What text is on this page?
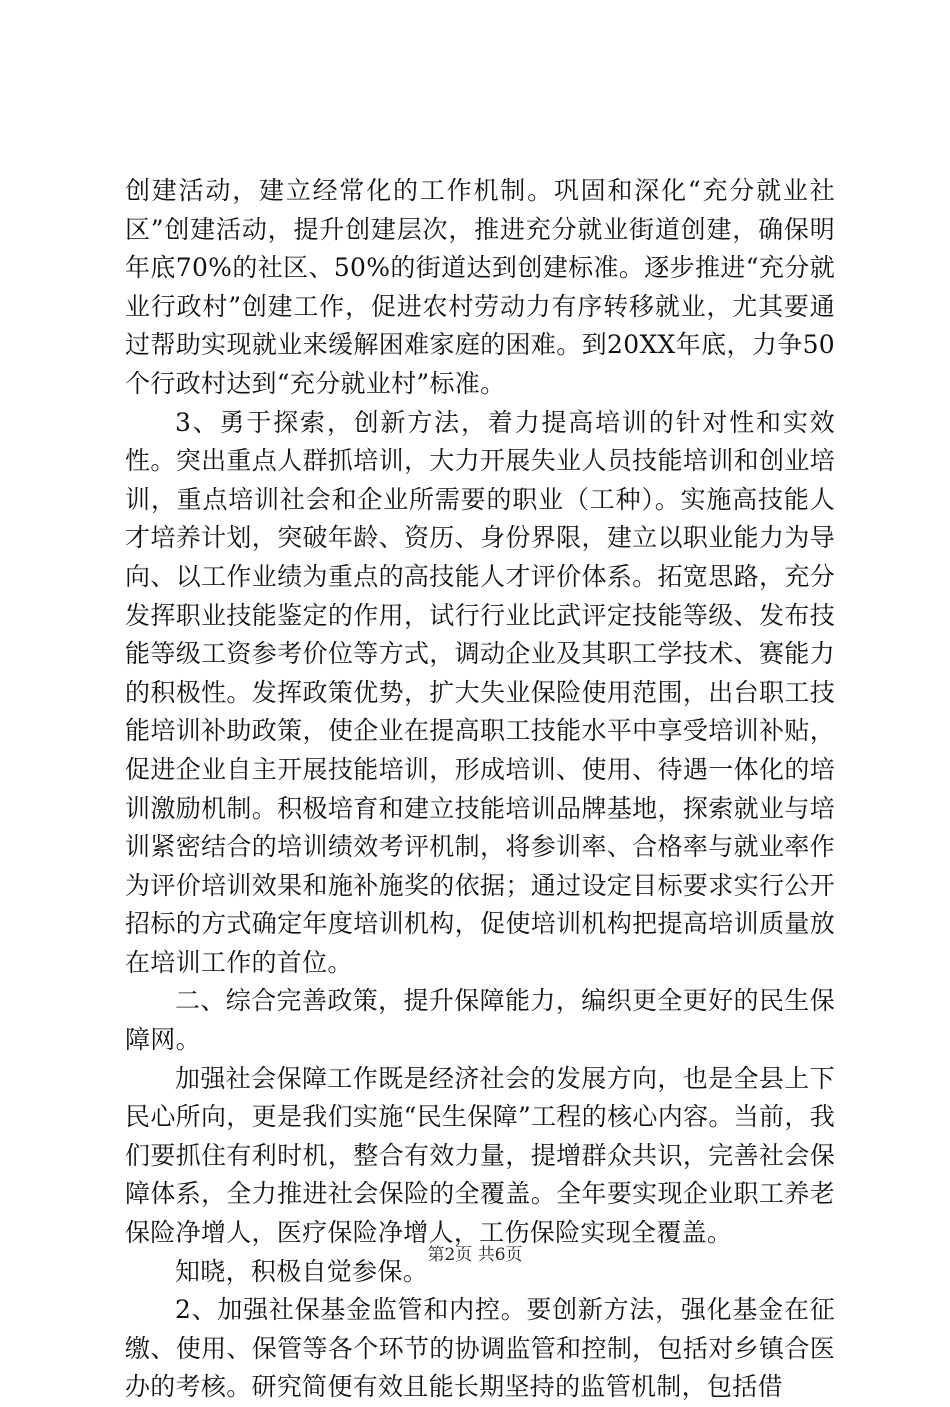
创建活动，建立经常化的工作机制。巩固和深化“充分就业社区”创建活动，提升创建层次，推进充分就业街道创建，确保明年底70%的社区、50%的街道达到创建标准。逐步推进“充分就业行政村”创建工作，促进农村劳动力有序转移就业，尤其要通过帮助实现就业来缓解困难家庭的困难。到20XX年底，力争50个行政村达到“充分就业村”标准。

3、勇于探索，创新方法，着力提高培训的针对性和实效性。突出重点人群抓培训，大力开展失业人员技能培训和创业培训，重点培训社会和企业所需要的职业（工种）。实施高技能人才培养计划，突破年龄、资历、身份界限，建立以职业能力为导向、以工作业绩为重点的高技能人才评价体系。拓宽思路，充分发挥职业技能鉴定的作用，试行行业比武评定技能等级、发布技能等级工资参考价位等方式，调动企业及其职工学技术、赛能力的积极性。发挥政策优势，扩大失业保险使用范围，出台职工技能培训补助政策，使企业在提高职工技能水平中享受培训补贴，促进企业自主开展技能培训，形成培训、使用、待遇一体化的培训激励机制。积极培育和建立技能培训品牌基地，探索就业与培训紧密结合的培训绩效考评机制，将参训率、合格率与就业率作为评价培训效果和施补施奖的依据；通过设定目标要求实行公开招标的方式确定年度培训机构，促使培训机构把提高培训质量放在培训工作的首位。

二、综合完善政策，提升保障能力，编织更全更好的民生保障网。

加强社会保障工作既是经济社会的发展方向，也是全县上下民心所向，更是我们实施“民生保障”工程的核心内容。当前，我们要抓住有利时机，整合有效力量，提增群众共识，完善社会保障体系，全力推进社会保险的全覆盖。全年要实现企业职工养老保险净增人，医疗保险净增人，工伤保险实现全覆盖。

知晓，积极自觉参保。

2、加强社保基金监管和内控。要创新方法，强化基金在征缴、使用、保管等各个环节的协调监管和控制，包括对乡镇合医办的考核。研究简便有效且能长期坚持的监管机制，包括借

第2页 共6页
